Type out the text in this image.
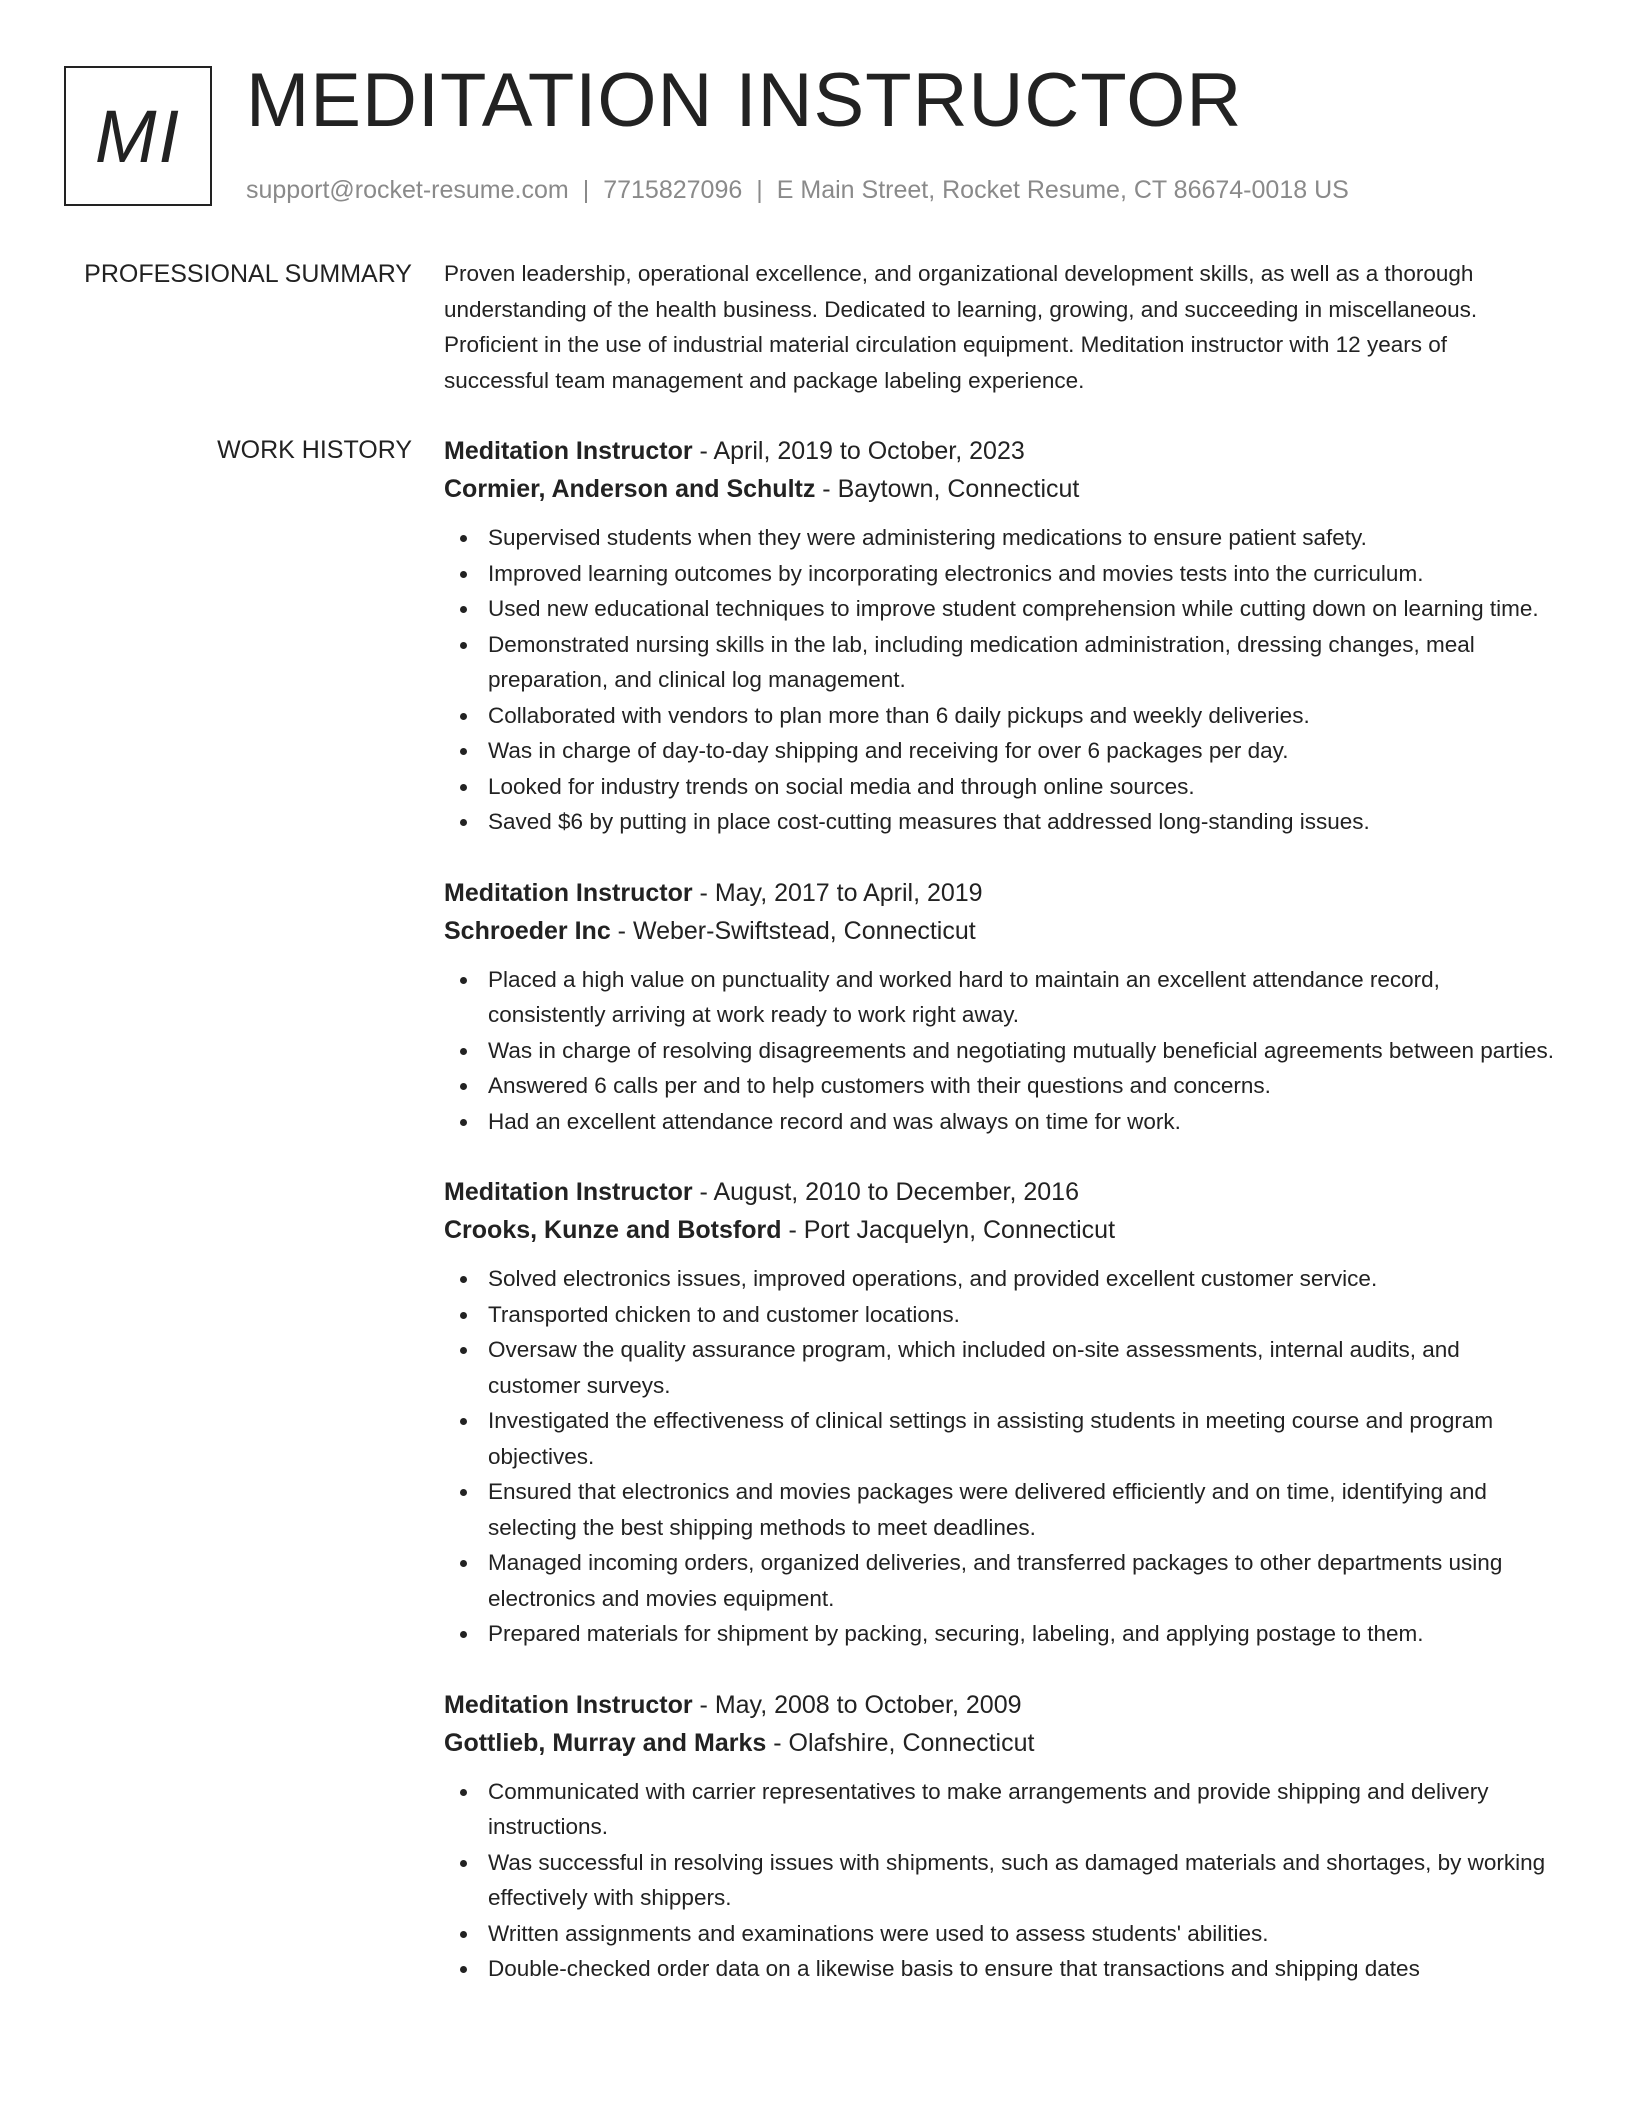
MI MEDITATION INSTRUCTOR
support@rocket-resume.com | 7715827096 | E Main Street, Rocket Resume, CT 86674-0018 US
PROFESSIONAL SUMMARY Proven leadership, operational excellence, and organizational development skills, as well as a thorough understanding of the health business. Dedicated to learning, growing, and succeeding in miscellaneous. Proficient in the use of industrial material circulation equipment. Meditation instructor with 12 years of successful team management and package labeling experience.

WORK HISTORY Meditation Instructor - April, 2019 to October, 2023
Cormier, Anderson and Schultz - Baytown, Connecticut
Supervised students when they were administering medications to ensure patient safety.
Improved learning outcomes by incorporating electronics and movies tests into the curriculum.
Used new educational techniques to improve student comprehension while cutting down on learning time.
Demonstrated nursing skills in the lab, including medication administration, dressing changes, meal preparation, and clinical log management.
Collaborated with vendors to plan more than 6 daily pickups and weekly deliveries.
Was in charge of day-to-day shipping and receiving for over 6 packages per day.
Looked for industry trends on social media and through online sources.
Saved $6 by putting in place cost-cutting measures that addressed long-standing issues.
Meditation Instructor - May, 2017 to April, 2019
Schroeder Inc - Weber-Swiftstead, Connecticut
Placed a high value on punctuality and worked hard to maintain an excellent attendance record, consistently arriving at work ready to work right away.
Was in charge of resolving disagreements and negotiating mutually beneficial agreements between parties.
Answered 6 calls per and to help customers with their questions and concerns.
Had an excellent attendance record and was always on time for work.
Meditation Instructor - August, 2010 to December, 2016
Crooks, Kunze and Botsford - Port Jacquelyn, Connecticut
Solved electronics issues, improved operations, and provided excellent customer service.
Transported chicken to and customer locations.
Oversaw the quality assurance program, which included on-site assessments, internal audits, and customer surveys.
Investigated the effectiveness of clinical settings in assisting students in meeting course and program objectives.
Ensured that electronics and movies packages were delivered efficiently and on time, identifying and selecting the best shipping methods to meet deadlines.
Managed incoming orders, organized deliveries, and transferred packages to other departments using electronics and movies equipment.
Prepared materials for shipment by packing, securing, labeling, and applying postage to them.
Meditation Instructor - May, 2008 to October, 2009
Gottlieb, Murray and Marks - Olafshire, Connecticut
Communicated with carrier representatives to make arrangements and provide shipping and delivery instructions.
Was successful in resolving issues with shipments, such as damaged materials and shortages, by working effectively with shippers.
Written assignments and examinations were used to assess students' abilities.
Double-checked order data on a likewise basis to ensure that transactions and shipping dates
